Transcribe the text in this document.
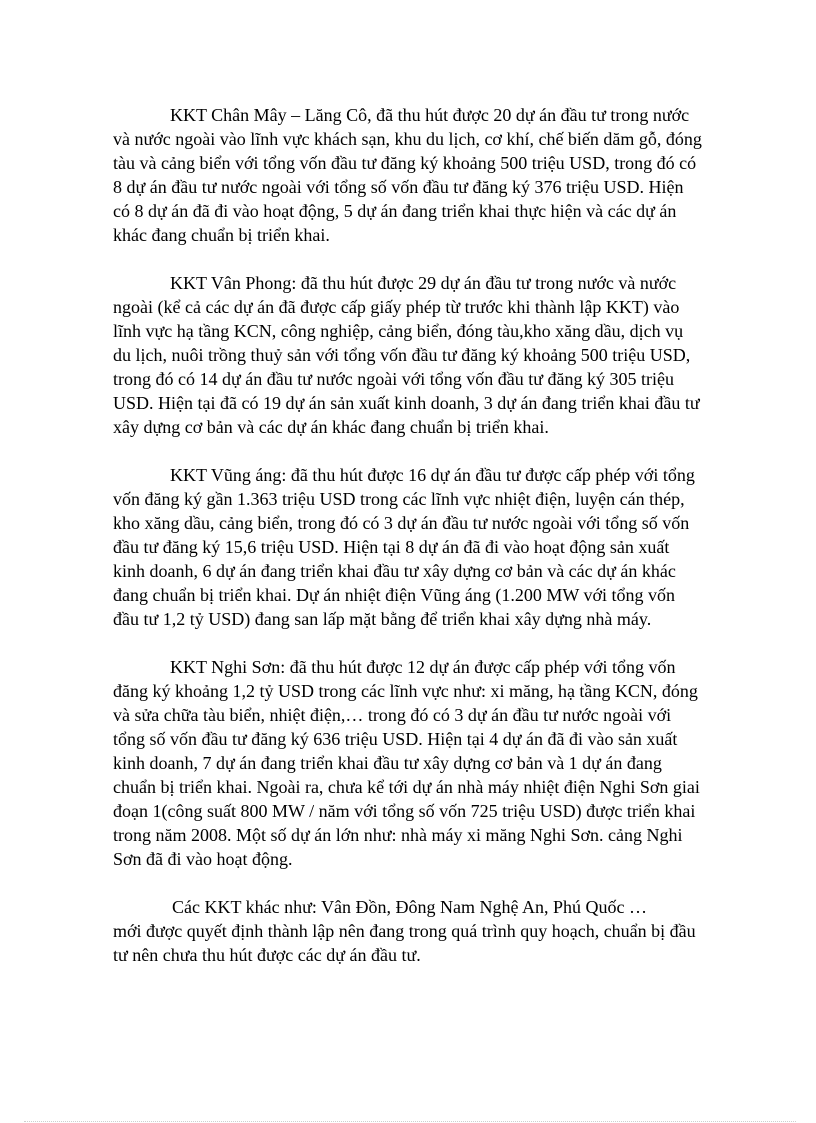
KKT Chân Mây – Lăng Cô, đã thu hút được 20 dự án đầu tư trong nước và nước ngoài vào lĩnh vực khách sạn, khu du lịch, cơ khí, chế biến dăm gỗ, đóng tàu và cảng biển với tổng vốn đầu tư đăng ký khoảng 500 triệu USD, trong đó có 8 dự án đầu tư nước ngoài với tổng số vốn đầu tư đăng ký 376 triệu USD. Hiện có 8 dự án đã đi vào hoạt động, 5 dự án đang triển khai thực hiện và các dự án khác đang chuẩn bị triển khai.

KKT Vân Phong: đã thu hút được 29 dự án đầu tư trong nước và nước ngoài (kể cả các dự án đã được cấp giấy phép từ trước khi thành lập KKT) vào lĩnh vực hạ tầng KCN, công nghiệp, cảng biển, đóng tàu,kho xăng dầu, dịch vụ du lịch, nuôi trồng thuỷ sản với tổng vốn đầu tư đăng ký khoảng 500 triệu USD, trong đó có 14 dự án đầu tư nước ngoài với tổng vốn đầu tư đăng ký 305 triệu USD. Hiện tại đã có 19 dự án sản xuất kinh doanh, 3 dự án đang triển khai đầu tư xây dựng cơ bản và các dự án khác đang chuẩn bị triển khai.

KKT Vũng áng: đã thu hút được 16 dự án đầu tư được cấp phép với tổng vốn đăng ký gần 1.363 triệu USD trong các lĩnh vực nhiệt điện, luyện cán thép, kho xăng dầu, cảng biển, trong đó có 3 dự án đầu tư nước ngoài với tổng số vốn đầu tư đăng ký 15,6 triệu USD. Hiện tại 8 dự án đã đi vào hoạt động sản xuất kinh doanh, 6 dự án đang triển khai đầu tư xây dựng cơ bản và các dự án khác đang chuẩn bị triển khai. Dự án nhiệt điện Vũng áng (1.200 MW với tổng vốn đầu tư 1,2 tỷ USD) đang san lấp mặt bằng để triển khai xây dựng nhà máy.

KKT Nghi Sơn: đã thu hút được 12 dự án được cấp phép với tổng vốn đăng ký khoảng 1,2 tỷ USD trong các lĩnh vực như: xi măng, hạ tầng KCN, đóng và sửa chữa tàu biển, nhiệt điện,… trong đó có 3 dự án đầu tư nước ngoài với tổng số vốn đầu tư đăng ký 636 triệu USD. Hiện tại 4 dự án đã đi vào sản xuất kinh doanh, 7 dự án đang triển khai đầu tư xây dựng cơ bản và 1 dự án đang chuẩn bị triển khai. Ngoài ra, chưa kể tới dự án nhà máy nhiệt điện Nghi Sơn giai đoạn 1(công suất 800 MW / năm với tổng số vốn 725 triệu USD) được triển khai trong năm 2008. Một số dự án lớn như: nhà máy xi măng Nghi Sơn. cảng Nghi Sơn đã đi vào hoạt động.

Các KKT khác như: Vân Đồn, Đông Nam Nghệ An, Phú Quốc …
mới được quyết định thành lập nên đang trong quá trình quy hoạch, chuẩn bị đầu tư nên chưa thu hút được các dự án đầu tư.
